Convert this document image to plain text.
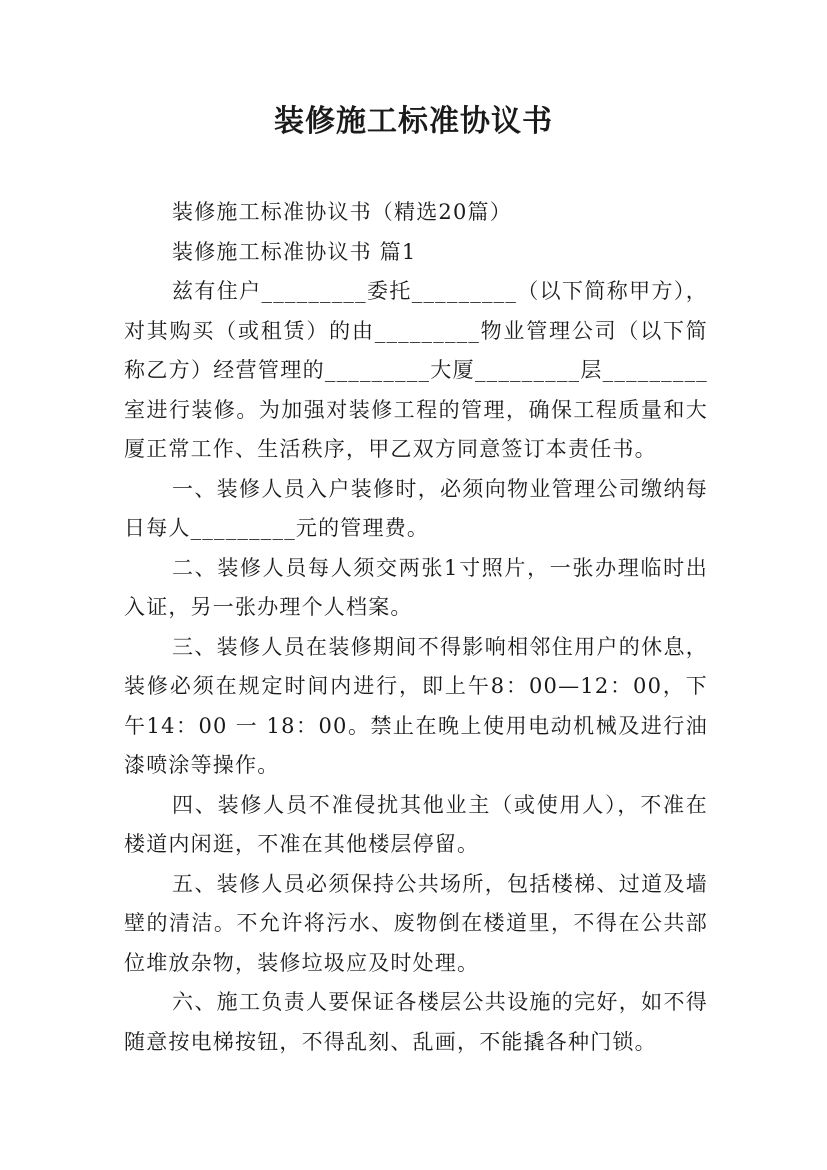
装修施工标准协议书

装修施工标准协议书（精选20篇）

装修施工标准协议书 篇1

兹有住户_________委托_________（以下简称甲方），对其购买（或租赁）的由_________物业管理公司（以下简称乙方）经营管理的_________大厦_________层_________室进行装修。为加强对装修工程的管理，确保工程质量和大厦正常工作、生活秩序，甲乙双方同意签订本责任书。

一、装修人员入户装修时，必须向物业管理公司缴纳每日每人_________元的管理费。

二、装修人员每人须交两张1寸照片，一张办理临时出入证，另一张办理个人档案。

三、装修人员在装修期间不得影响相邻住用户的休息，装修必须在规定时间内进行，即上午8：00—12：00，下午14：00 一 18：00。禁止在晚上使用电动机械及进行油漆喷涂等操作。

四、装修人员不准侵扰其他业主（或使用人），不准在楼道内闲逛，不准在其他楼层停留。

五、装修人员必须保持公共场所，包括楼梯、过道及墙壁的清洁。不允许将污水、废物倒在楼道里，不得在公共部位堆放杂物，装修垃圾应及时处理。

六、施工负责人要保证各楼层公共设施的完好，如不得随意按电梯按钮，不得乱刻、乱画，不能撬各种门锁。
